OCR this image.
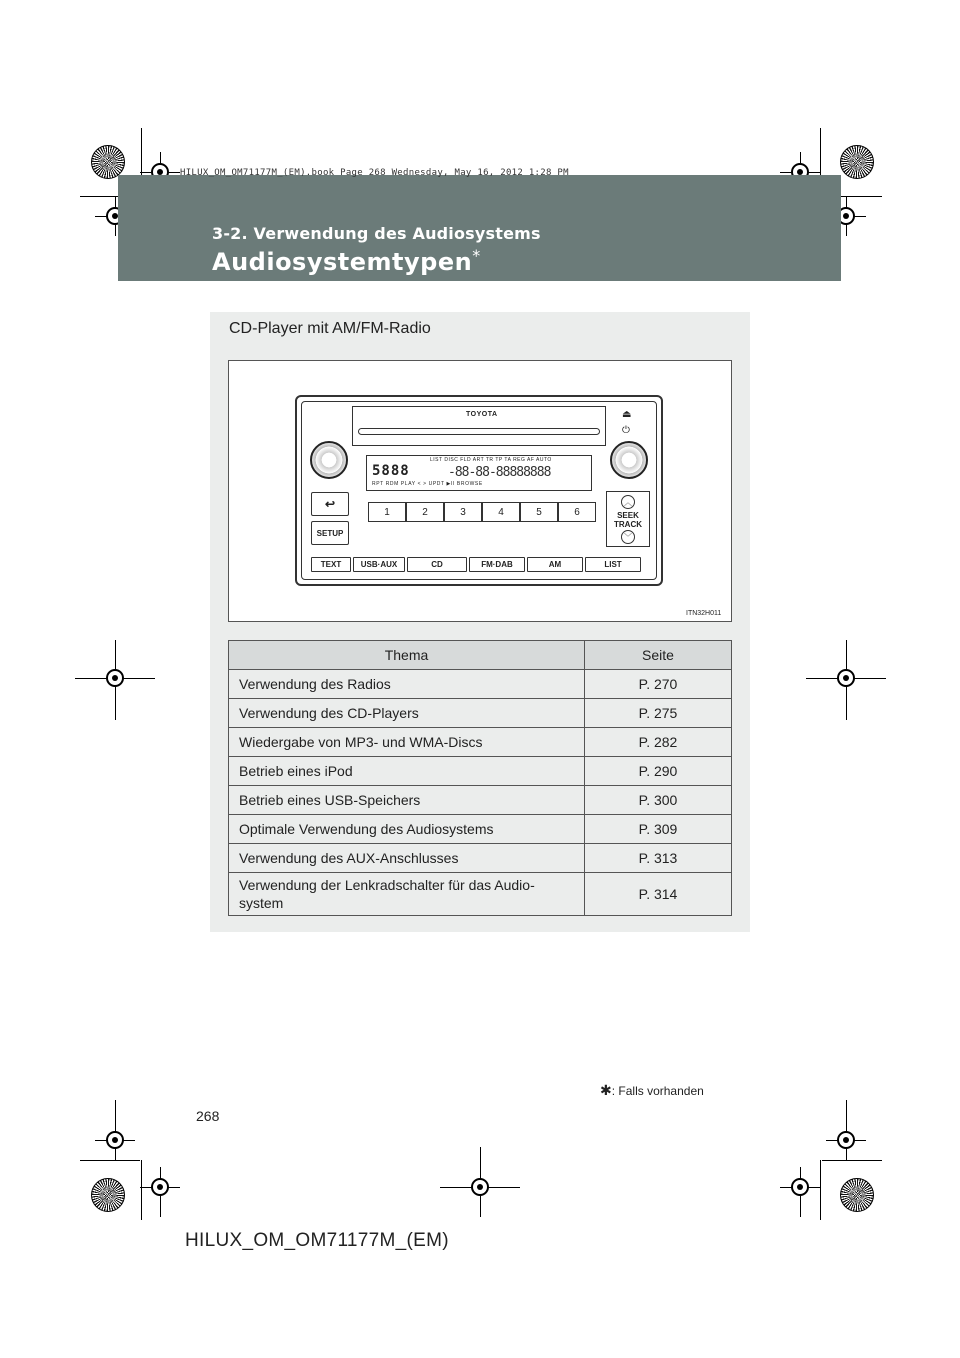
HILUX_OM_OM71177M_(EM).book Page 268 Wednesday, May 16, 2012 1:28 PM
3-2. Verwendung des Audiosystems
Audiosystemtypen*
CD-Player mit AM/FM-Radio
TOYOTA	⏏
⏻
LIST DISC FLD ART TR TP TA REG AF AUTO
5888	-88-88-88888888
RPT RDM PLAY < > UPDT ▶II BROWSE
↩
SETUP
1	2	3	4	5	6
︿
SEEK
TRACK
﹀
TEXT	USB·AUX	CD	FM·DAB	AM	LIST
ITN32H011
Thema	Seite
Verwendung des Radios	P. 270
Verwendung des CD-Players	P. 275
Wiedergabe von MP3- und WMA-Discs	P. 282
Betrieb eines iPod	P. 290
Betrieb eines USB-Speichers	P. 300
Optimale Verwendung des Audiosystems	P. 309
Verwendung des AUX-Anschlusses	P. 313
Verwendung der Lenkradschalter für das Audio-system	P. 314
✱: Falls vorhanden
268
HILUX_OM_OM71177M_(EM)
